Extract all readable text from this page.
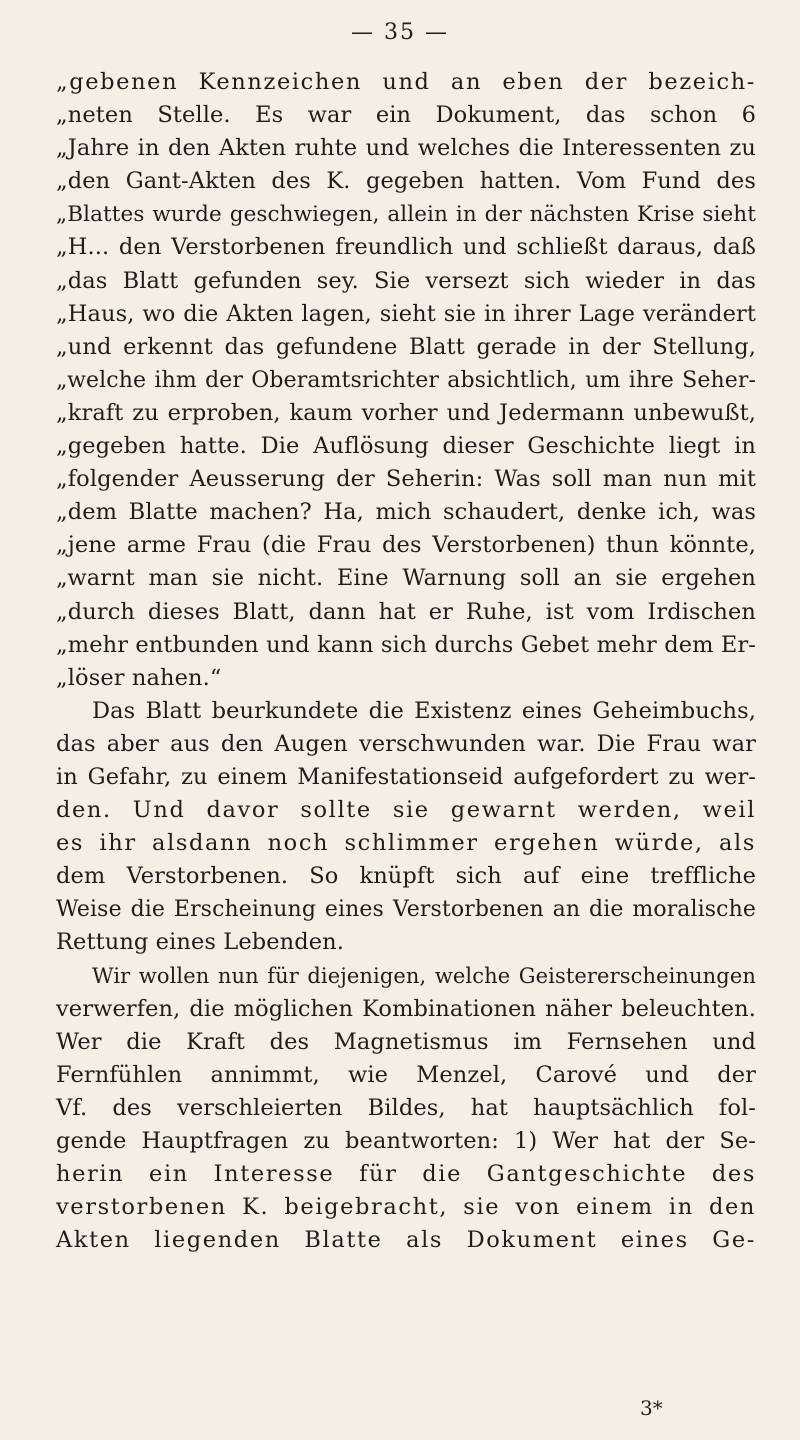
— 35 —
„gebenen Kennzeichen und an eben der bezeich-
„neten Stelle. Es war ein Dokument, das schon 6
„Jahre in den Akten ruhte und welches die Interessenten zu
„den Gant-Akten des K. gegeben hatten. Vom Fund des
„Blattes wurde geschwiegen, allein in der nächsten Krise sieht
„H... den Verstorbenen freundlich und schließt daraus, daß
„das Blatt gefunden sey. Sie versezt sich wieder in das
„Haus, wo die Akten lagen, sieht sie in ihrer Lage verändert
„und erkennt das gefundene Blatt gerade in der Stellung,
„welche ihm der Oberamtsrichter absichtlich, um ihre Seher-
„kraft zu erproben, kaum vorher und Jedermann unbewußt,
„gegeben hatte. Die Auflösung dieser Geschichte liegt in
„folgender Aeusserung der Seherin: Was soll man nun mit
„dem Blatte machen? Ha, mich schaudert, denke ich, was
„jene arme Frau (die Frau des Verstorbenen) thun könnte,
„warnt man sie nicht. Eine Warnung soll an sie ergehen
„durch dieses Blatt, dann hat er Ruhe, ist vom Irdischen
„mehr entbunden und kann sich durchs Gebet mehr dem Er-
„löser nahen.“
Das Blatt beurkundete die Existenz eines Geheimbuchs,
das aber aus den Augen verschwunden war. Die Frau war
in Gefahr, zu einem Manifestationseid aufgefordert zu wer-
den. Und davor sollte sie gewarnt werden, weil
es ihr alsdann noch schlimmer ergehen würde, als
dem Verstorbenen. So knüpft sich auf eine treffliche
Weise die Erscheinung eines Verstorbenen an die moralische
Rettung eines Lebenden.
Wir wollen nun für diejenigen, welche Geistererscheinungen
verwerfen, die möglichen Kombinationen näher beleuchten.
Wer die Kraft des Magnetismus im Fernsehen und
Fernfühlen annimmt, wie Menzel, Carové und der
Vf. des verschleierten Bildes, hat hauptsächlich fol-
gende Hauptfragen zu beantworten: 1) Wer hat der Se-
herin ein Interesse für die Gantgeschichte des
verstorbenen K. beigebracht, sie von einem in den
Akten liegenden Blatte als Dokument eines Ge-
3*
